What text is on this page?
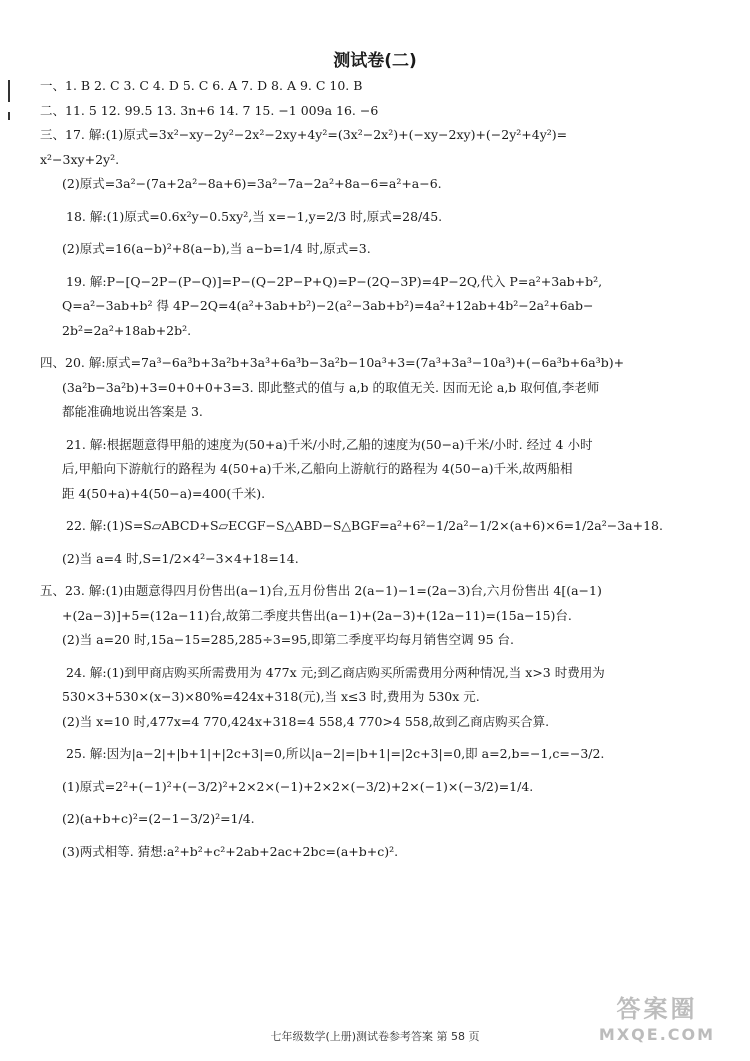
测试卷(二)
一、1. B 2. C 3. C 4. D 5. C 6. A 7. D 8. A 9. C 10. B
二、11. 5 12. 99.5 13. 3n+6 14. 7 15. −1 009a 16. −6
三、17. 解:(1)原式=3x²−xy−2y²−2x²−2xy+4y²=(3x²−2x²)+(−xy−2xy)+(−2y²+4y²)=
x²−3xy+2y².
(2)原式=3a²−(7a+2a²−8a+6)=3a²−7a−2a²+8a−6=a²+a−6.
18. 解:(1)原式=0.6x²y−0.5xy²,当 x=−1,y=2/3 时,原式=28/45.
(2)原式=16(a−b)²+8(a−b),当 a−b=1/4 时,原式=3.
19. 解:P−[Q−2P−(P−Q)]=P−(Q−2P−P+Q)=P−(2Q−3P)=4P−2Q,代入 P=a²+3ab+b²,
Q=a²−3ab+b² 得 4P−2Q=4(a²+3ab+b²)−2(a²−3ab+b²)=4a²+12ab+4b²−2a²+6ab−
2b²=2a²+18ab+2b².
四、20. 解:原式=7a³−6a³b+3a²b+3a³+6a³b−3a²b−10a³+3=(7a³+3a³−10a³)+(−6a³b+6a³b)+
(3a²b−3a²b)+3=0+0+0+3=3. 即此整式的值与 a,b 的取值无关. 因而无论 a,b 取何值,李老师
都能准确地说出答案是 3.
21. 解:根据题意得甲船的速度为(50+a)千米/小时,乙船的速度为(50−a)千米/小时. 经过 4 小时
后,甲船向下游航行的路程为 4(50+a)千米,乙船向上游航行的路程为 4(50−a)千米,故两船相
距 4(50+a)+4(50−a)=400(千米).
22. 解:(1)S=S▱ABCD+S▱ECGF−S△ABD−S△BGF=a²+6²−1/2a²−1/2×(a+6)×6=1/2a²−3a+18.
(2)当 a=4 时,S=1/2×4²−3×4+18=14.
五、23. 解:(1)由题意得四月份售出(a−1)台,五月份售出 2(a−1)−1=(2a−3)台,六月份售出 4[(a−1)
+(2a−3)]+5=(12a−11)台,故第二季度共售出(a−1)+(2a−3)+(12a−11)=(15a−15)台.
(2)当 a=20 时,15a−15=285,285÷3=95,即第二季度平均每月销售空调 95 台.
24. 解:(1)到甲商店购买所需费用为 477x 元;到乙商店购买所需费用分两种情况,当 x>3 时费用为
530×3+530×(x−3)×80%=424x+318(元),当 x≤3 时,费用为 530x 元.
(2)当 x=10 时,477x=4 770,424x+318=4 558,4 770>4 558,故到乙商店购买合算.
25. 解:因为|a−2|+|b+1|+|2c+3|=0,所以|a−2|=|b+1|=|2c+3|=0,即 a=2,b=−1,c=−3/2.
(1)原式=2²+(−1)²+(−3/2)²+2×2×(−1)+2×2×(−3/2)+2×(−1)×(−3/2)=1/4.
(2)(a+b+c)²=(2−1−3/2)²=1/4.
(3)两式相等. 猜想:a²+b²+c²+2ab+2ac+2bc=(a+b+c)².
七年级数学(上册)测试卷参考答案 第 58 页
答案圈
MXQE.COM
